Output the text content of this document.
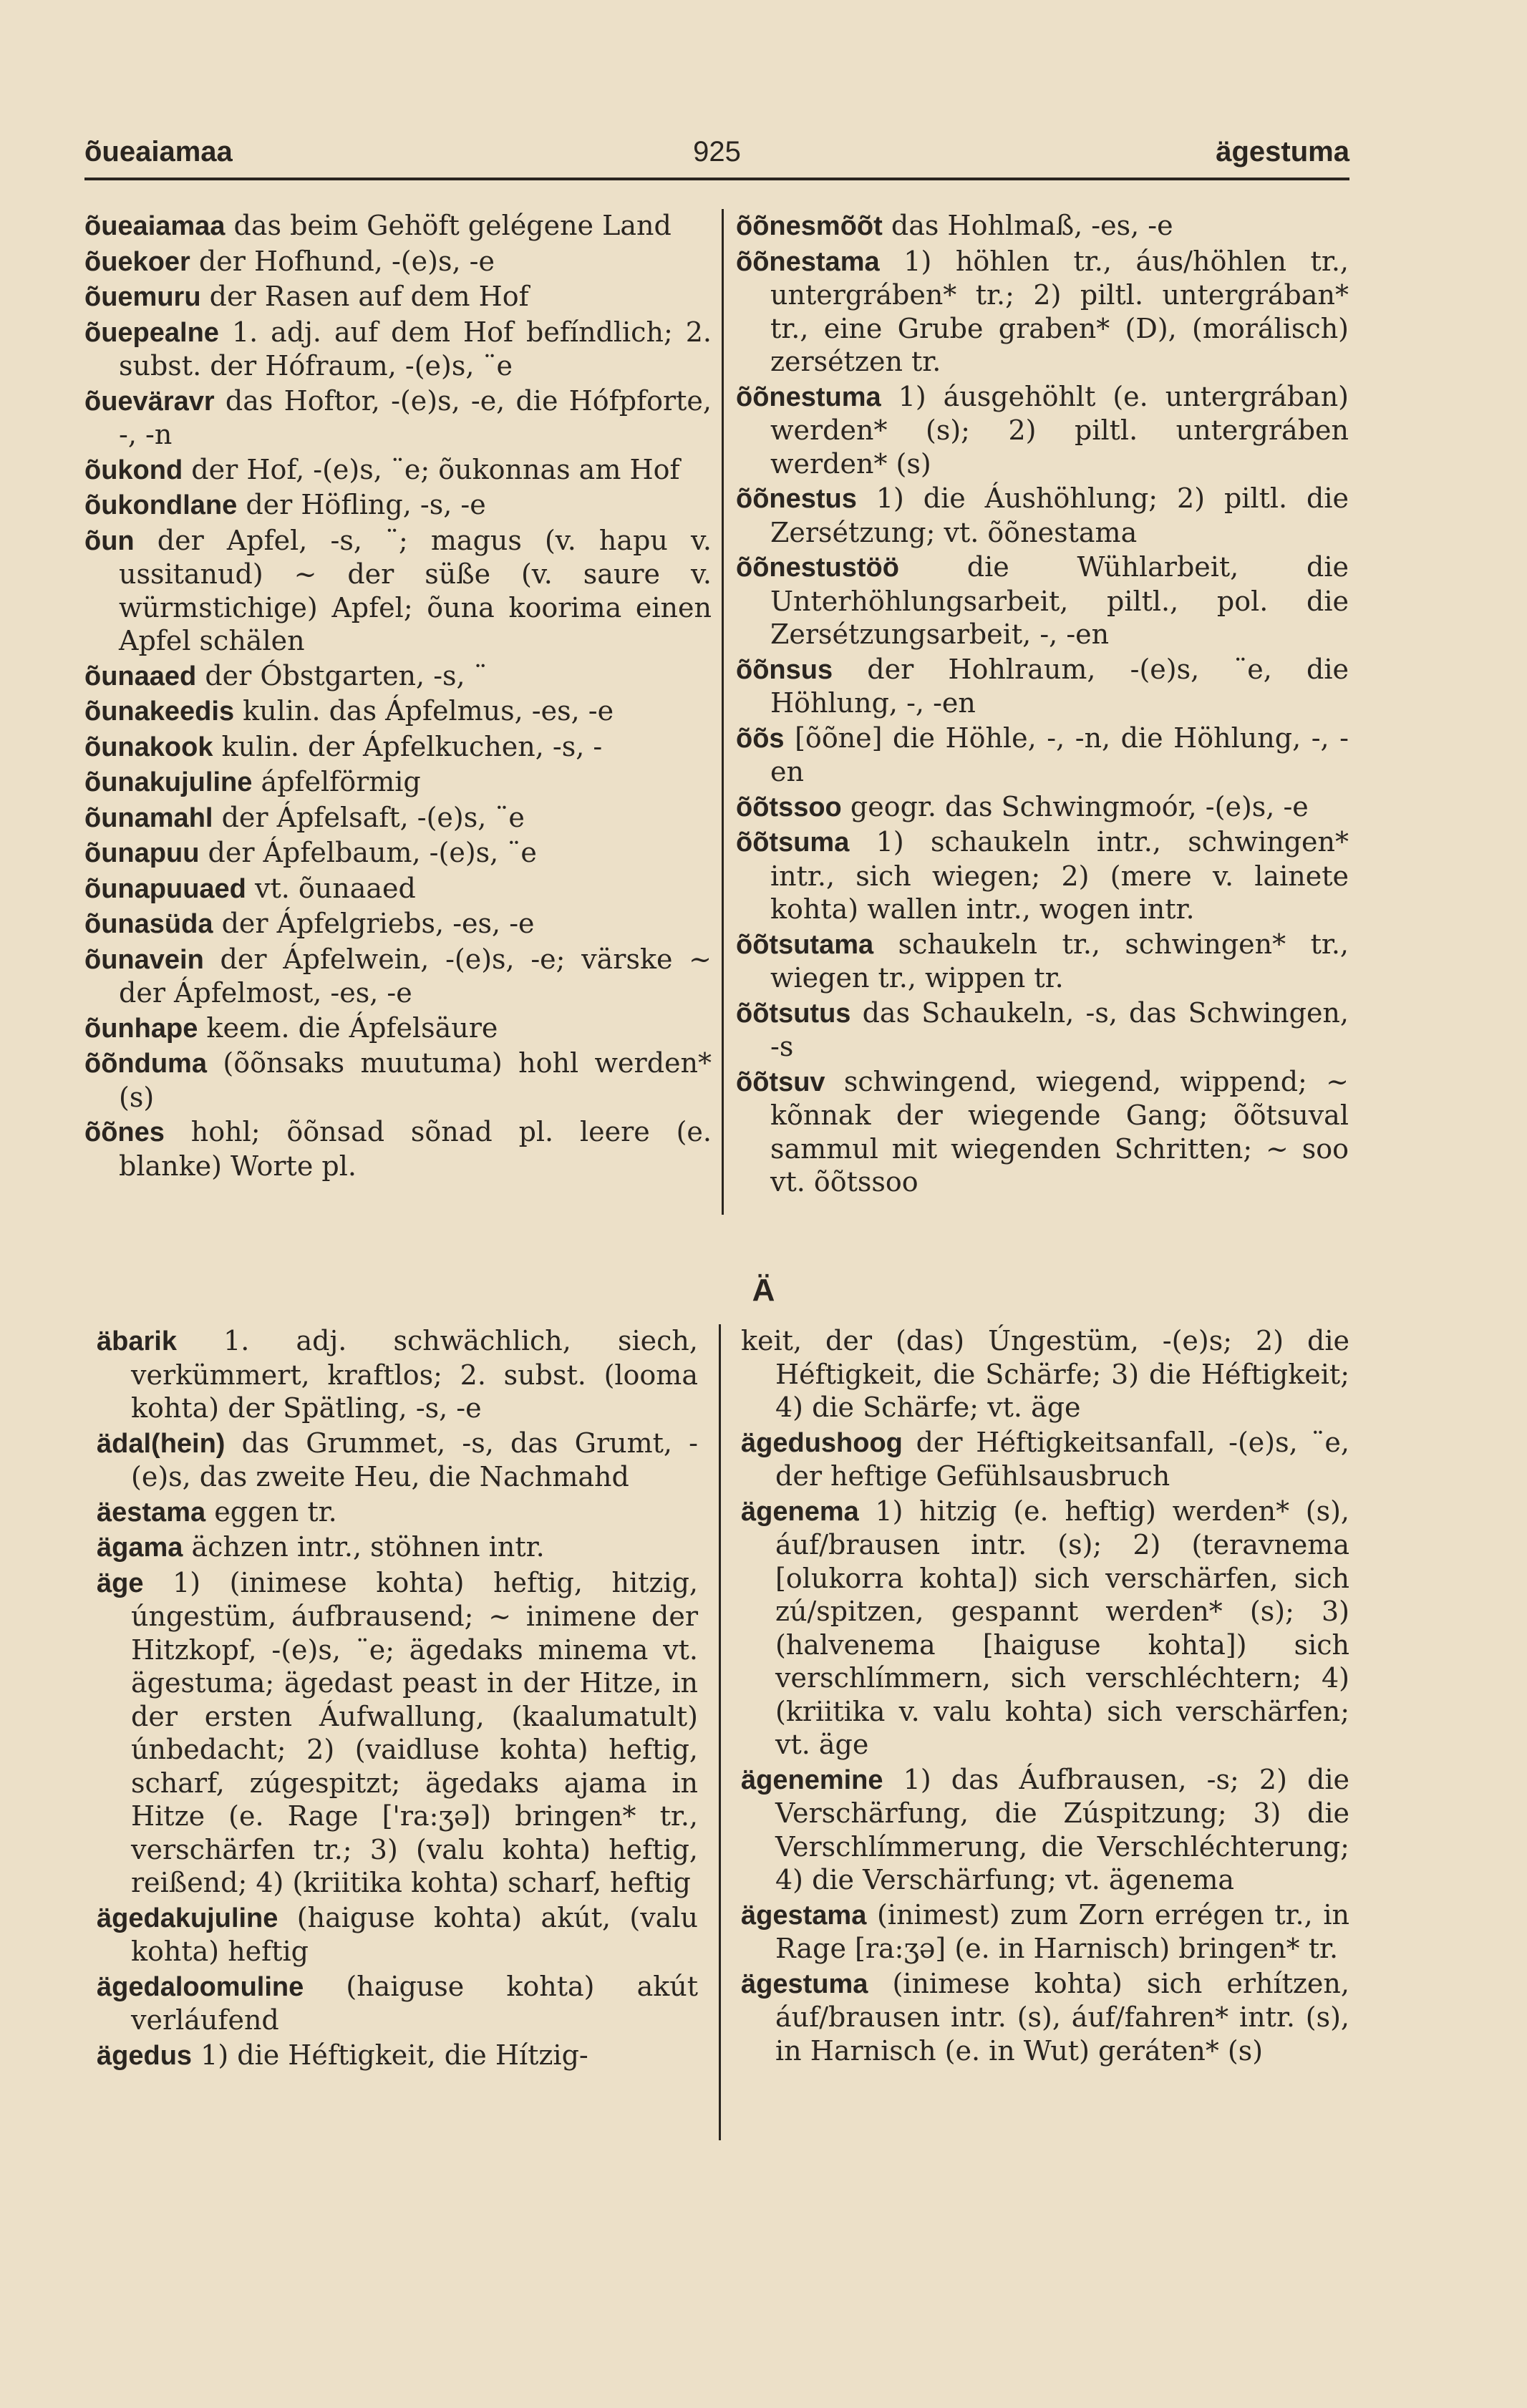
õueaiamaa	925	ägestuma
õueaiamaa das beim Gehöft gelégene Land
õuekoer der Hofhund, -(e)s, -e
õuemuru der Rasen auf dem Hof
õuepealne 1. adj. auf dem Hof befíndlich; 2. subst. der Hófraum, -(e)s, ¨e
õueväravr das Hoftor, -(e)s, -e, die Hófpforte, -, -n
õukond der Hof, -(e)s, ¨e; õukonnas am Hof
õukondlane der Höfling, -s, -e
õun der Apfel, -s, ¨; magus (v. hapu v. ussitanud) ~ der süße (v. saure v. würmstichige) Apfel; õuna koorima einen Apfel schälen
õunaaed der Óbstgarten, -s, ¨
õunakeedis kulin. das Ápfelmus, -es, -e
õunakook kulin. der Ápfelkuchen, -s, -
õunakujuline ápfelförmig
õunamahl der Ápfelsaft, -(e)s, ¨e
õunapuu der Ápfelbaum, -(e)s, ¨e
õunapuuaed vt. õunaaed
õunasüda der Ápfelgriebs, -es, -e
õunavein der Ápfelwein, -(e)s, -e; värske ~ der Ápfelmost, -es, -e
õunhape keem. die Ápfelsäure
õõnduma (õõnsaks muutuma) hohl werden* (s)
õõnes hohl; õõnsad sõnad pl. leere (e. blanke) Worte pl.
õõnesmõõt das Hohlmaß, -es, -e
õõnestama 1) höhlen tr., áus/höhlen tr., untergráben* tr.; 2) piltl. untergrában* tr., eine Grube graben* (D), (morálisch) zersétzen tr.
õõnestuma 1) áusgehöhlt (e. untergrában) werden* (s); 2) piltl. untergráben werden* (s)
õõnestus 1) die Áushöhlung; 2) piltl. die Zersétzung; vt. õõnestama
õõnestustöö die Wühlarbeit, die Unterhöhlungsarbeit, piltl., pol. die Zersétzungsarbeit, -, -en
õõnsus der Hohlraum, -(e)s, ¨e, die Höhlung, -, -en
õõs [õõne] die Höhle, -, -n, die Höhlung, -, -en
õõtssoo geogr. das Schwingmoór, -(e)s, -e
õõtsuma 1) schaukeln intr., schwingen* intr., sich wiegen; 2) (mere v. lainete kohta) wallen intr., wogen intr.
õõtsutama schaukeln tr., schwingen* tr., wiegen tr., wippen tr.
õõtsutus das Schaukeln, -s, das Schwingen, -s
õõtsuv schwingend, wiegend, wippend; ~ kõnnak der wiegende Gang; õõtsuval sammul mit wiegenden Schritten; ~ soo vt. õõtssoo
Ä
äbarik 1. adj. schwächlich, siech, verkümmert, kraftlos; 2. subst. (looma kohta) der Spätling, -s, -e
ädal(hein) das Grummet, -s, das Grumt, -(e)s, das zweite Heu, die Nachmahd
äestama eggen tr.
ägama ächzen intr., stöhnen intr.
äge 1) (inimese kohta) heftig, hitzig, úngestüm, áufbrausend; ~ inimene der Hitzkopf, -(e)s, ¨e; ägedaks minema vt. ägestuma; ägedast peast in der Hitze, in der ersten Áufwallung, (kaalumatult) únbedacht; 2) (vaidluse kohta) heftig, scharf, zúgespitzt; ägedaks ajama in Hitze (e. Rage ['ra:ʒə]) bringen* tr., verschärfen tr.; 3) (valu kohta) heftig, reißend; 4) (kriitika kohta) scharf, heftig
ägedakujuline (haiguse kohta) akút, (valu kohta) heftig
ägedaloomuline (haiguse kohta) akút verláufend
ägedus 1) die Héftigkeit, die Hítzig-
keit, der (das) Úngestüm, -(e)s; 2) die Héftigkeit, die Schärfe; 3) die Héftigkeit; 4) die Schärfe; vt. äge
ägedushoog der Héftigkeitsanfall, -(e)s, ¨e, der heftige Gefühlsausbruch
ägenema 1) hitzig (e. heftig) werden* (s), áuf/brausen intr. (s); 2) (teravnema [olukorra kohta]) sich verschärfen, sich zú/spitzen, gespannt werden* (s); 3) (halvenema [haiguse kohta]) sich verschlímmern, sich verschléchtern; 4) (kriitika v. valu kohta) sich verschärfen; vt. äge
ägenemine 1) das Áufbrausen, -s; 2) die Verschärfung, die Zúspitzung; 3) die Verschlímmerung, die Verschléchterung; 4) die Verschärfung; vt. ägenema
ägestama (inimest) zum Zorn errégen tr., in Rage [ra:ʒə] (e. in Harnisch) bringen* tr.
ägestuma (inimese kohta) sich erhítzen, áuf/brausen intr. (s), áuf/fahren* intr. (s), in Harnisch (e. in Wut) geráten* (s)
